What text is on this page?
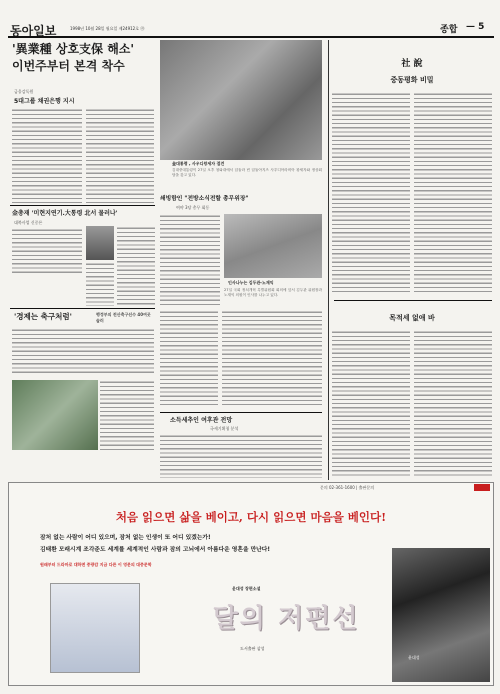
동아일보	1998년 10월 28일 월요일 제24912호 ㉮	종합 — 5
'異業種 상호支保 해소'
이번주부터 본격 착수
5대그룹 채권은행 지시
금융감독원
金대통령 , 사우디왕세자 접견
김대중대통령이 27일 오후 청와대에서 압둘라 빈 압둘아지즈 사우디아라비아 왕세자와 정상회담을 갖고 있다.
金총재 '미현지연기.大통령 北서 물러나'
대북사업 신중론
쇄빙함인 "전방소식전할 총무위장"
여야 3당 총무 회동
인사나누는 김두관-노재익
27일 국회 정치개혁 특별위원회 회의에 앞서 김두관 위원장과 노재익 의원이 인사를 나누고 있다.
'경제는 축구처럼'	행정부의 전산축구선수 40여곳 슬러
소득세추인 여후관 전망
국세기획청 분석
社 說
중동평화 비밀
목적세 없애 바
문의 02-361-1600 | 출판문의
처음 읽으면 삶을 베이고, 다시 읽으면 마음을 베인다!
잠처 없는 사람이 어디 있으며, 잠처 없는 인생이 또 어디 있겠는가!
김태환 모래시계 조각준도 세계를 세계적인 사람과 잠의 고뇌에서 아름다운 영혼을 만난다!
원래부터 드라마로 대하면 중량감 지금 다른 이 영문의 대중문학
윤대성 장편소설
달의 저편선
도서출판 삼성
윤대성
